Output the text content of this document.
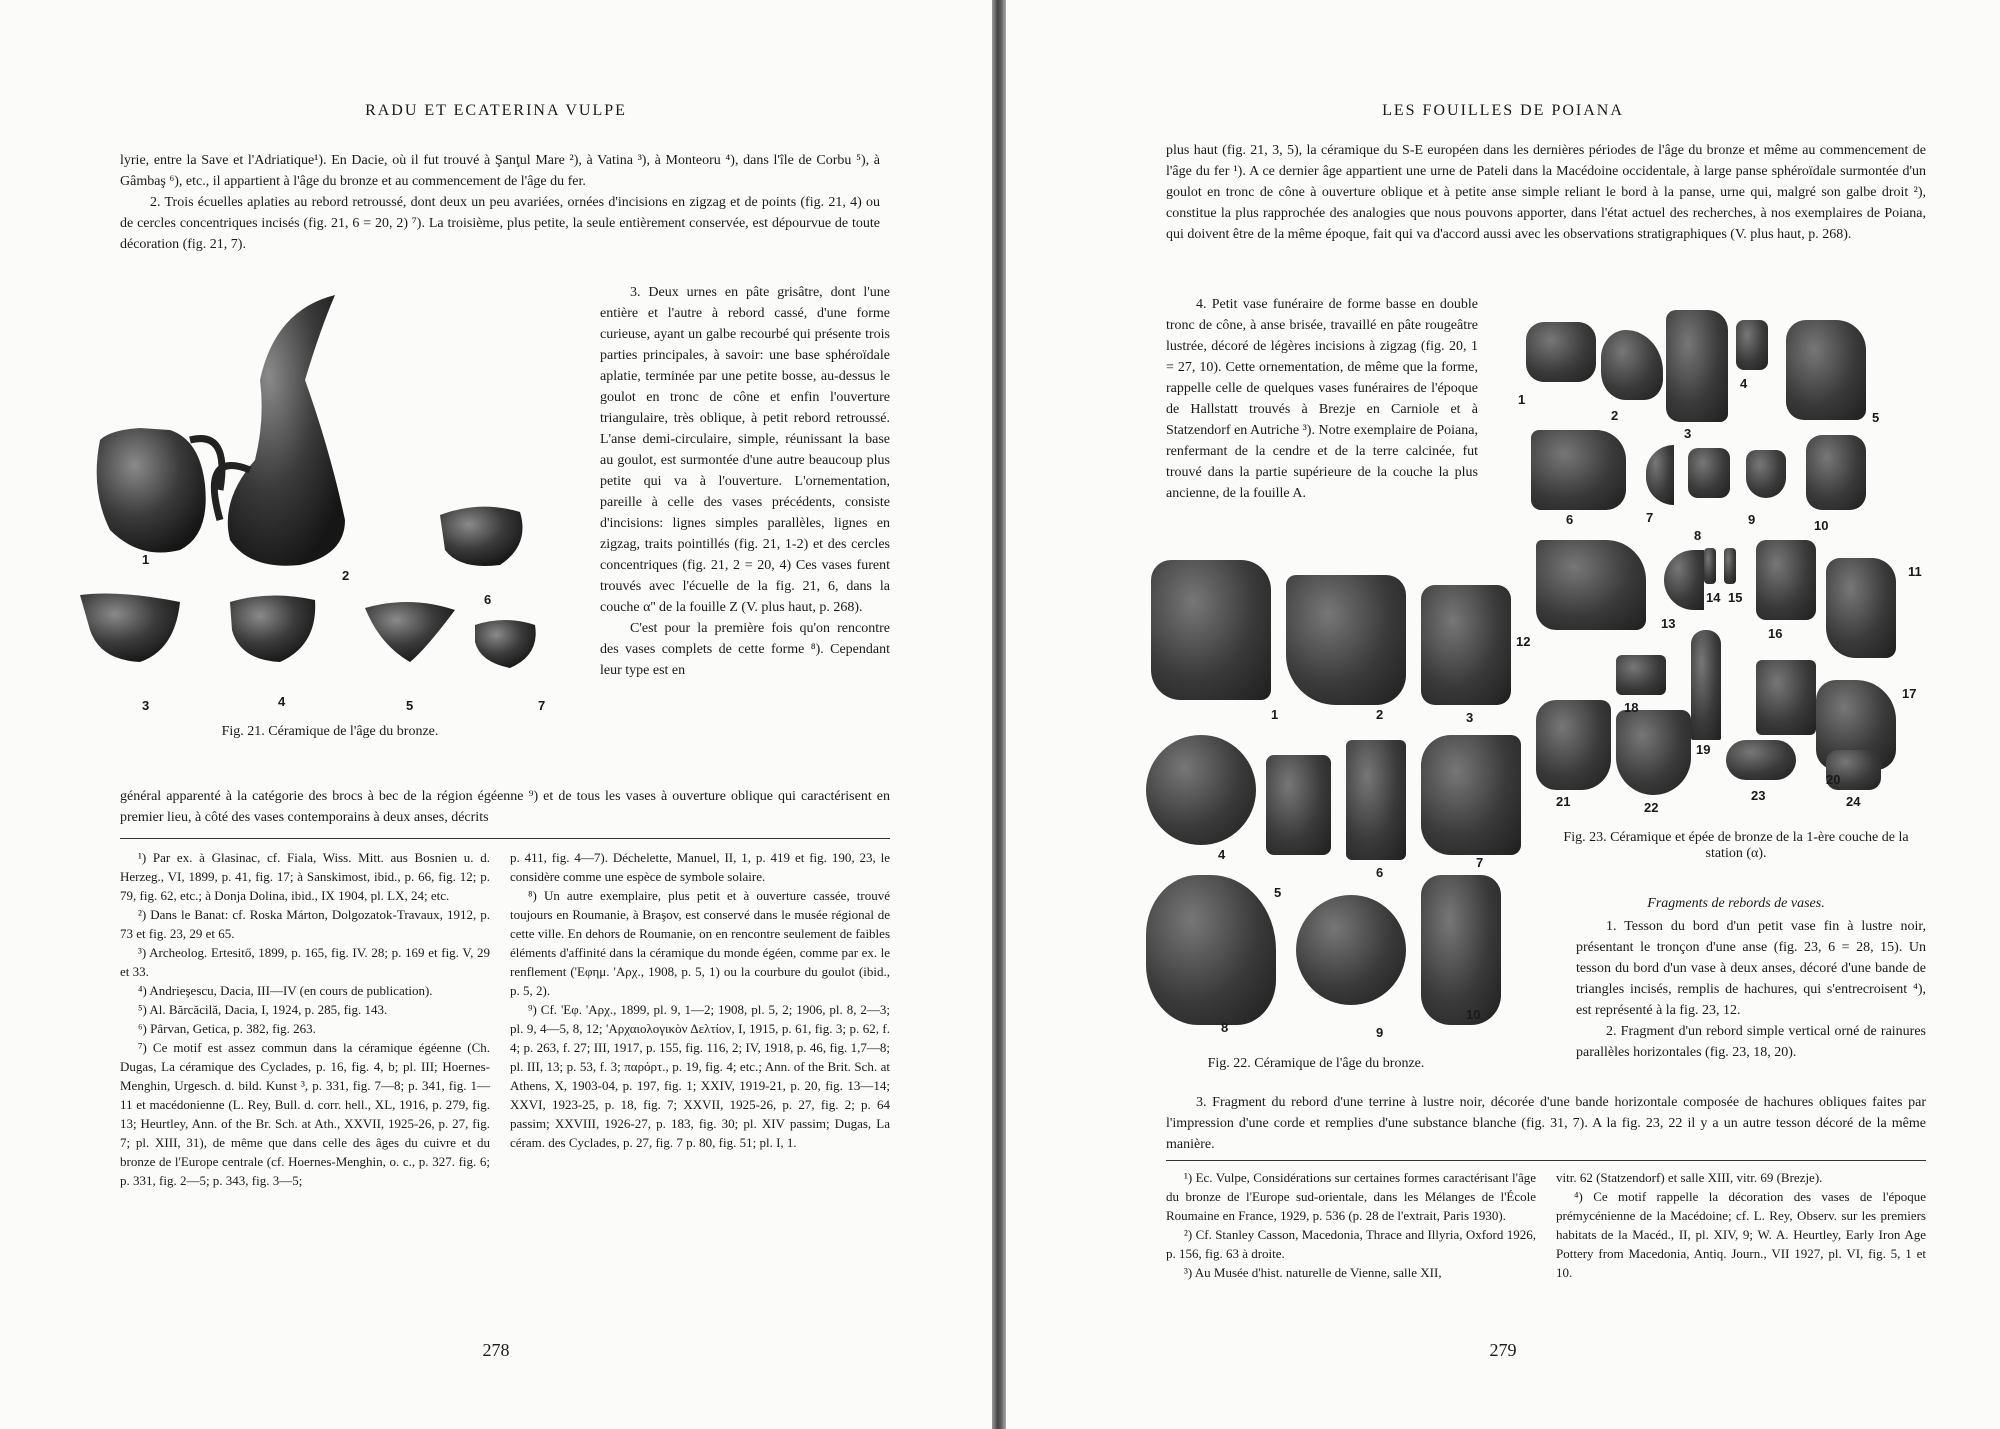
RADU ET ECATERINA VULPE

lyrie, entre la Save et l'Adriatique¹). En Dacie, où il fut trouvé à Şanţul Mare ²), à Vatina ³), à Monteoru ⁴), dans l'île de Corbu ⁵), à Gâmbaş ⁶), etc., il appartient à l'âge du bronze et au commencement de l'âge du fer.

2. Trois écuelles aplaties au rebord retroussé, dont deux un peu avariées, ornées d'incisions en zigzag et de points (fig. 21, 4) ou de cercles concentriques incisés (fig. 21, 6 = 20, 2) ⁷). La troisième, plus petite, la seule entièrement conservée, est dépourvue de toute décoration (fig. 21, 7).

1
2
6
3	4	5	7
Fig. 21. Céramique de l'âge du bronze.

3. Deux urnes en pâte grisâtre, dont l'une entière et l'autre à rebord cassé, d'une forme curieuse, ayant un galbe recourbé qui présente trois parties principales, à savoir: une base sphéroïdale aplatie, terminée par une petite bosse, au-dessus le goulot en tronc de cône et enfin l'ouverture triangulaire, très oblique, à petit rebord retroussé. L'anse demi-circulaire, simple, réunissant la base au goulot, est surmontée d'une autre beaucoup plus petite qui va à l'ouverture. L'ornementation, pareille à celle des vases précédents, consiste d'incisions: lignes simples parallèles, lignes en zigzag, traits pointillés (fig. 21, 1-2) et des cercles concentriques (fig. 21, 2 = 20, 4) Ces vases furent trouvés avec l'écuelle de la fig. 21, 6, dans la couche α'' de la fouille Z (V. plus haut, p. 268).

C'est pour la première fois qu'on rencontre des vases complets de cette forme ⁸). Cependant leur type est en

général apparenté à la catégorie des brocs à bec de la région égéenne ⁹) et de tous les vases à ouverture oblique qui caractérisent en premier lieu, à côté des vases contemporains à deux anses, décrits

¹) Par ex. à Glasinac, cf. Fiala, Wiss. Mitt. aus Bosnien u. d. Herzeg., VI, 1899, p. 41, fig. 17; à Sanskimost, ibid., p. 66, fig. 12; p. 79, fig. 62, etc.; à Donja Dolina, ibid., IX 1904, pl. LX, 24; etc.

²) Dans le Banat: cf. Roska Márton, Dolgozatok-Travaux, 1912, p. 73 et fig. 23, 29 et 65.

³) Archeolog. Ertesitő, 1899, p. 165, fig. IV. 28; p. 169 et fig. V, 29 et 33.

⁴) Andrieşescu, Dacia, III—IV (en cours de publication).

⁵) Al. Bărcăcilă, Dacia, I, 1924, p. 285, fig. 143.

⁶) Pârvan, Getica, p. 382, fig. 263.

⁷) Ce motif est assez commun dans la céramique égéenne (Ch. Dugas, La céramique des Cyclades, p. 16, fig. 4, b; pl. III; Hoernes-Menghin, Urgesch. d. bild. Kunst ³, p. 331, fig. 7—8; p. 341, fig. 1—11 et macédonienne (L. Rey, Bull. d. corr. hell., XL, 1916, p. 279, fig. 13; Heurtley, Ann. of the Br. Sch. at Ath., XXVII, 1925-26, p. 27, fig. 7; pl. XIII, 31), de même que dans celle des âges du cuivre et du bronze de l'Europe centrale (cf. Hoernes-Menghin, o. c., p. 327. fig. 6; p. 331, fig. 2—5; p. 343, fig. 3—5;

p. 411, fig. 4—7). Déchelette, Manuel, II, 1, p. 419 et fig. 190, 23, le considère comme une espèce de symbole solaire.

⁸) Un autre exemplaire, plus petit et à ouverture cassée, trouvé toujours en Roumanie, à Braşov, est conservé dans le musée régional de cette ville. En dehors de Roumanie, on en rencontre seulement de faibles éléments d'affinité dans la céramique du monde égéen, comme par ex. le renflement ('Εφημ. 'Αρχ., 1908, p. 5, 1) ou la courbure du goulot (ibid., p. 5, 2).

⁹) Cf. 'Εφ. 'Αρχ., 1899, pl. 9, 1—2; 1908, pl. 5, 2; 1906, pl. 8, 2—3; pl. 9, 4—5, 8, 12; 'Αρχαιολογικὸν Δελτίον, I, 1915, p. 61, fig. 3; p. 62, f. 4; p. 263, f. 27; III, 1917, p. 155, fig. 116, 2; IV, 1918, p. 46, fig. 1,7—8; pl. III, 13; p. 53, f. 3; παρόρτ., p. 19, fig. 4; etc.; Ann. of the Brit. Sch. at Athens, X, 1903-04, p. 197, fig. 1; XXIV, 1919-21, p. 20, fig. 13—14; XXVI, 1923-25, p. 18, fig. 7; XXVII, 1925-26, p. 27, fig. 2; p. 64 passim; XXVIII, 1926-27, p. 183, fig. 30; pl. XIV passim; Dugas, La céram. des Cyclades, p. 27, fig. 7 p. 80, fig. 51; pl. I, 1.

278
LES FOUILLES DE POIANA
plus haut (fig. 21, 3, 5), la céramique du S-E européen dans les dernières périodes de l'âge du bronze et même au commencement de l'âge du fer ¹). A ce dernier âge appartient une urne de Pateli dans la Macédoine occidentale, à large panse sphéroïdale surmontée d'un goulot en tronc de cône à ouverture oblique et à petite anse simple reliant le bord à la panse, urne qui, malgré son galbe droit ²), constitue la plus rapprochée des analogies que nous pouvons apporter, dans l'état actuel des recherches, à nos exemplaires de Poiana, qui doivent être de la même époque, fait qui va d'accord aussi avec les observations stratigraphiques (V. plus haut, p. 268).

4. Petit vase funéraire de forme basse en double tronc de cône, à anse brisée, travaillé en pâte rougeâtre lustrée, décoré de légères incisions à zigzag (fig. 20, 1 = 27, 10). Cette ornementation, de même que la forme, rappelle celle de quelques vases funéraires de l'époque de Hallstatt trouvés à Brezje en Carniole et à Statzendorf en Autriche ³). Notre exemplaire de Poiana, renfermant de la cendre et de la terre calcinée, fut trouvé dans la partie supérieure de la couche la plus ancienne, de la fouille A.

1
2
3
4
5
6	7
8
9	10
11
12
13
14 15
16
17
18
19
20
21	22
23	24
Fig. 23. Céramique et épée de bronze de la 1-ère couche de la station (α).
Fragments de rebords de vases.
1	2	3
4
5
6
7
8	9
10
Fig. 22. Céramique de l'âge du bronze.

1. Tesson du bord d'un petit vase fin à lustre noir, présentant le tronçon d'une anse (fig. 23, 6 = 28, 15). Un tesson du bord d'un vase à deux anses, décoré d'une bande de triangles incisés, remplis de hachures, qui s'entrecroisent ⁴), est représenté à la fig. 23, 12.

2. Fragment d'un rebord simple vertical orné de rainures parallèles horizontales (fig. 23, 18, 20).

3. Fragment du rebord d'une terrine à lustre noir, décorée d'une bande horizontale composée de hachures obliques faites par l'impression d'une corde et remplies d'une substance blanche (fig. 31, 7). A la fig. 23, 22 il y a un autre tesson décoré de la même manière.

¹) Ec. Vulpe, Considérations sur certaines formes caractérisant l'âge du bronze de l'Europe sud-orientale, dans les Mélanges de l'École Roumaine en France, 1929, p. 536 (p. 28 de l'extrait, Paris 1930).

²) Cf. Stanley Casson, Macedonia, Thrace and Illyria, Oxford 1926, p. 156, fig. 63 à droite.

³) Au Musée d'hist. naturelle de Vienne, salle XII,

vitr. 62 (Statzendorf) et salle XIII, vitr. 69 (Brezje).

⁴) Ce motif rappelle la décoration des vases de l'époque prémycénienne de la Macédoine; cf. L. Rey, Observ. sur les premiers habitats de la Macéd., II, pl. XIV, 9; W. A. Heurtley, Early Iron Age Pottery from Macedonia, Antiq. Journ., VII 1927, pl. VI, fig. 5, 1 et 10.

279
